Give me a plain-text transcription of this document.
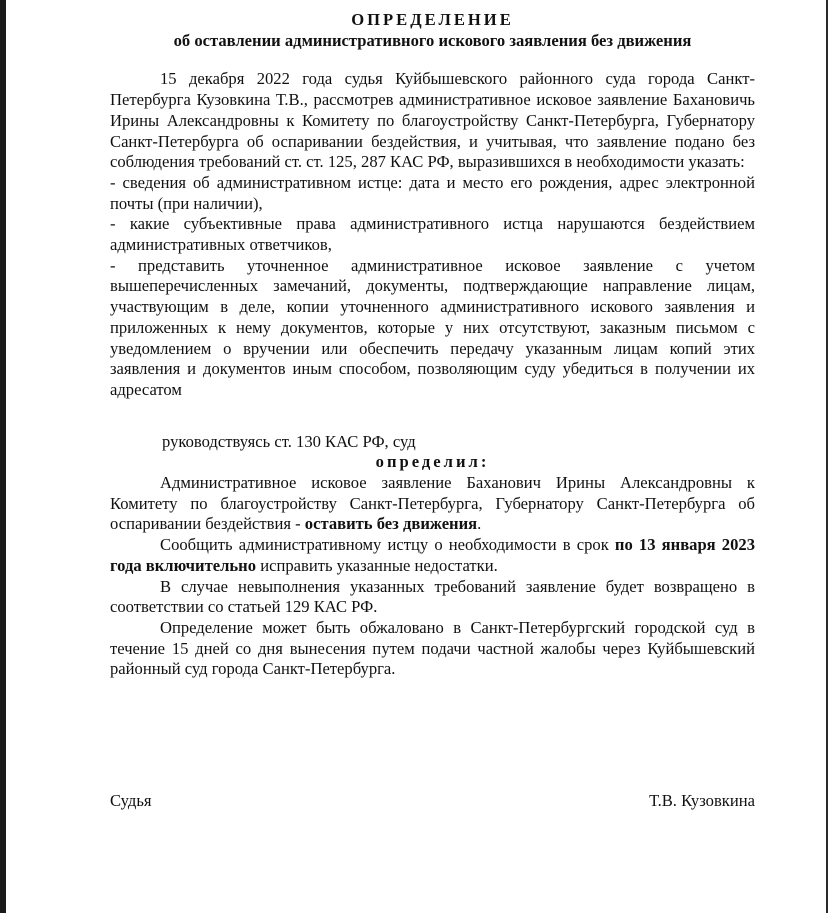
ОПРЕДЕЛЕНИЕ

об оставлении административного искового заявления без движения

15 декабря 2022 года судья Куйбышевского районного суда города Санкт-Петербурга Кузовкина Т.В., рассмотрев административное исковое заявление Бахановичь Ирины Александровны к Комитету по благоустройству Санкт-Петербурга, Губернатору Санкт-Петербурга об оспаривании бездействия, и учитывая, что заявление подано без соблюдения требований ст. ст. 125, 287 КАС РФ, выразившихся в необходимости указать:

- сведения об административном истце: дата и место его рождения, адрес электронной почты (при наличии),

- какие субъективные права административного истца нарушаются бездействием административных ответчиков,

- представить уточненное административное исковое заявление с учетом вышеперечисленных замечаний, документы, подтверждающие направление лицам, участвующим в деле, копии уточненного административного искового заявления и приложенных к нему документов, которые у них отсутствуют, заказным письмом с уведомлением о вручении или обеспечить передачу указанным лицам копий этих заявления и документов иным способом, позволяющим суду убедиться в получении их адресатом

руководствуясь ст. 130 КАС РФ, суд

определил:

Административное исковое заявление Баханович Ирины Александровны к Комитету по благоустройству Санкт-Петербурга, Губернатору Санкт-Петербурга об оспаривании бездействия - оставить без движения.

Сообщить административному истцу о необходимости в срок по 13 января 2023 года включительно исправить указанные недостатки.

В случае невыполнения указанных требований заявление будет возвращено в соответствии со статьей 129 КАС РФ.

Определение может быть обжаловано в Санкт-Петербургский городской суд в течение 15 дней со дня вынесения путем подачи частной жалобы через Куйбышевский районный суд города Санкт-Петербурга.

Судья	Т.В. Кузовкина
